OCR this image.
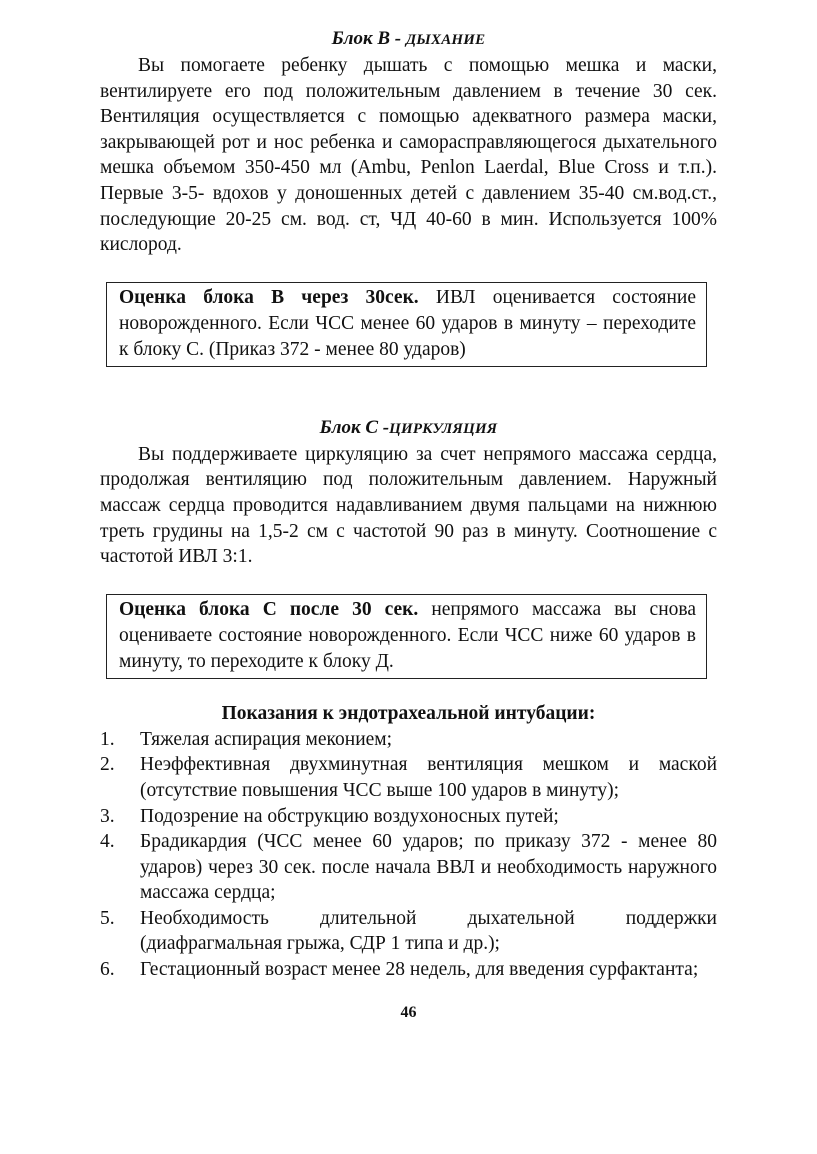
Блок В - ДЫХАНИЕ

Вы помогаете ребенку дышать с помощью мешка и маски, вентилируете его под положительным давлением в течение 30 сек. Вентиляция осуществляется с помощью адекватного размера маски, закрывающей рот и нос ребенка и саморасправляющегося дыхательного мешка объемом 350-450 мл (Ambu, Penlon Laerdal, Blue Cross и т.п.). Первые 3-5- вдохов у доношенных детей с давлением 35-40 см.вод.ст., последующие 20-25 см. вод. ст, ЧД 40-60 в мин. Используется 100% кислород.

Оценка блока В через 30сек. ИВЛ оценивается состояние новорожденного. Если ЧСС менее 60 ударов в минуту – переходите к блоку С. (Приказ 372 - менее 80 ударов)
Блок С -ЦИРКУЛЯЦИЯ

Вы поддерживаете циркуляцию за счет непрямого массажа сердца, продолжая вентиляцию под положительным давлением. Наружный массаж сердца проводится надавливанием двумя пальцами на нижнюю треть грудины на 1,5-2 см с частотой 90 раз в минуту. Соотношение с частотой ИВЛ 3:1.

Оценка блока С после 30 сек. непрямого массажа вы снова оцениваете состояние новорожденного. Если ЧСС ниже 60 ударов в минуту, то переходите к блоку Д.
Показания к эндотрахеальной интубации:
1. Тяжелая аспирация меконием;
2. Неэффективная двухминутная вентиляция мешком и маской (отсутствие повышения ЧСС выше 100 ударов в минуту);
3. Подозрение на обструкцию воздухоносных путей;
4. Брадикардия (ЧСС менее 60 ударов; по приказу 372 - менее 80 ударов) через 30 сек. после начала ВВЛ и необходимость наружного массажа сердца;
5. Необходимость длительной дыхательной поддержки (диафрагмальная грыжа, СДР 1 типа и др.);
6. Гестационный возраст менее 28 недель, для введения сурфактанта;
46
